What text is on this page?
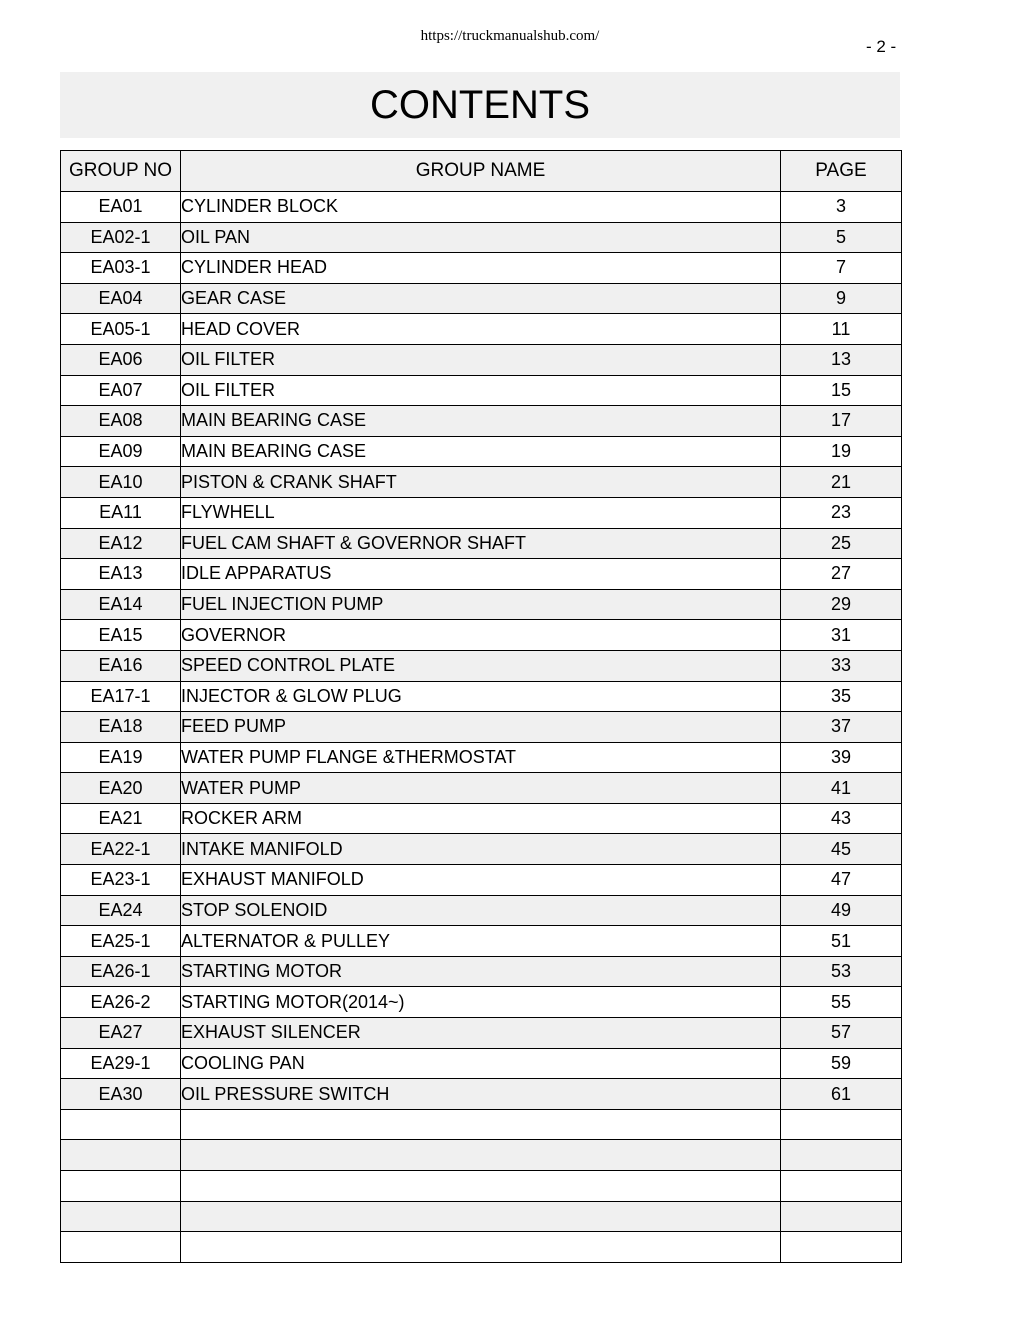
https://truckmanualshub.com/
- 2 -
CONTENTS
GROUP NO	GROUP NAME	PAGE
EA01	CYLINDER BLOCK	3
EA02-1	OIL PAN	5
EA03-1	CYLINDER HEAD	7
EA04	GEAR CASE	9
EA05-1	HEAD COVER	11
EA06	OIL FILTER	13
EA07	OIL FILTER	15
EA08	MAIN BEARING CASE	17
EA09	MAIN BEARING CASE	19
EA10	PISTON & CRANK SHAFT	21
EA11	FLYWHELL	23
EA12	FUEL CAM SHAFT & GOVERNOR SHAFT	25
EA13	IDLE APPARATUS	27
EA14	FUEL INJECTION PUMP	29
EA15	GOVERNOR	31
EA16	SPEED CONTROL PLATE	33
EA17-1	INJECTOR & GLOW PLUG	35
EA18	FEED PUMP	37
EA19	WATER PUMP FLANGE &THERMOSTAT	39
EA20	WATER PUMP	41
EA21	ROCKER ARM	43
EA22-1	INTAKE MANIFOLD	45
EA23-1	EXHAUST MANIFOLD	47
EA24	STOP SOLENOID	49
EA25-1	ALTERNATOR & PULLEY	51
EA26-1	STARTING MOTOR	53
EA26-2	STARTING MOTOR(2014~)	55
EA27	EXHAUST SILENCER	57
EA29-1	COOLING PAN	59
EA30	OIL PRESSURE SWITCH	61
